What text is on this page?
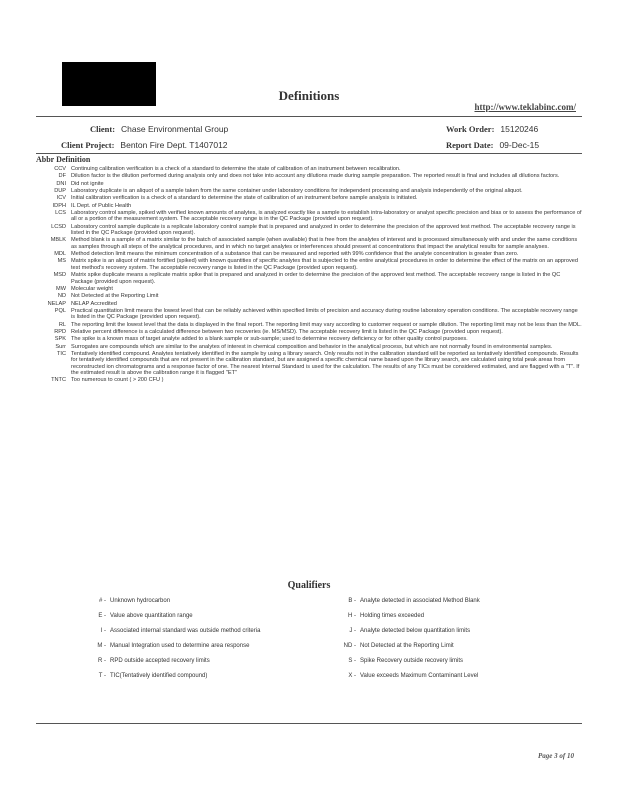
Definitions
http://www.teklabinc.com/
Client: Chase Environmental Group
Client Project: Benton Fire Dept. T1407012
Work Order: 15120246
Report Date: 09-Dec-15
Abbr Definition
CCV Continuing calibration verification is a check of a standard to determine the state of calibration of an instrument between recalibration.
DF Dilution factor is the dilution performed during analysis only and does not take into account any dilutions made during sample preparation. The reported result is final and includes all dilutions factors.
DNI Did not ignite
DUP Laboratory duplicate is an aliquot of a sample taken from the same container under laboratory conditions for independent processing and analysis independently of the original aliquot.
ICV Initial calibration verification is a check of a standard to determine the state of calibration of an instrument before sample analysis is initiated.
IDPH IL Dept. of Public Health
LCS Laboratory control sample, spiked with verified known amounts of analytes, is analyzed exactly like a sample to establish intra-laboratory or analyst specific precision and bias or to assess the performance of all or a portion of the measurement system. The acceptable recovery range is in the QC Package (provided upon request).
LCSD Laboratory control sample duplicate is a replicate laboratory control sample that is prepared and analyzed in order to determine the precision of the approved test method. The acceptable recovery range is listed in the QC Package (provided upon request).
MBLK Method blank is a sample of a matrix similar to the batch of associated sample (when available) that is free from the analytes of interest and is processed simultaneously with and under the same conditions as samples through all steps of the analytical procedures, and in which no target analytes or interferences should present at concentrations that impact the analytical results for sample analyses.
MDL Method detection limit means the minimum concentration of a substance that can be measured and reported with 99% confidence that the analyte concentration is greater than zero.
MS Matrix spike is an aliquot of matrix fortified (spiked) with known quantities of specific analytes that is subjected to the entire analytical procedures in order to determine the effect of the matrix on an approved test method's recovery system. The acceptable recovery range is listed in the QC Package (provided upon request).
MSD Matrix spike duplicate means a replicate matrix spike that is prepared and analyzed in order to determine the precision of the approved test method. The acceptable recovery range is listed in the QC Package (provided upon request).
MW Molecular weight
ND Not Detected at the Reporting Limit
NELAP NELAP Accredited
PQL Practical quantitation limit means the lowest level that can be reliably achieved within specified limits of precision and accuracy during routine laboratory operation conditions. The acceptable recovery range is listed in the QC Package (provided upon request).
RL The reporting limit the lowest level that the data is displayed in the final report. The reporting limit may vary according to customer request or sample dilution. The reporting limit may not be less than the MDL.
RPD Relative percent difference is a calculated difference between two recoveries (ie. MS/MSD). The acceptable recovery limit is listed in the QC Package (provided upon request).
SPK The spike is a known mass of target analyte added to a blank sample or sub-sample; used to determine recovery deficiency or for other quality control purposes.
Surr Surrogates are compounds which are similar to the analytes of interest in chemical composition and behavior in the analytical process, but which are not normally found in environmental samples.
TIC Tentatively identified compound. Analytes tentatively identified in the sample by using a library search. Only results not in the calibration standard will be reported as tentatively identified compounds. Results for tentatively identified compounds that are not present in the calibration standard, but are assigned a specific chemical name based upon the library search, are calculated using total peak areas from reconstructed ion chromatograms and a response factor of one. The nearest Internal Standard is used for the calculation. The results of any TICs must be considered estimated, and are flagged with a "T". If the estimated result is above the calibration range it is flagged "ET"
TNTC Too numerous to count ( > 200 CFU )
Qualifiers
# - Unknown hydrocarbon
E - Value above quantitation range
I - Associated internal standard was outside method criteria
M - Manual Integration used to determine area response
R - RPD outside accepted recovery limits
T - TIC(Tentatively identified compound)
B - Analyte detected in associated Method Blank
H - Holding times exceeded
J - Analyte detected below quantitation limits
ND - Not Detected at the Reporting Limit
S - Spike Recovery outside recovery limits
X - Value exceeds Maximum Contaminant Level
Page 3 of 10
